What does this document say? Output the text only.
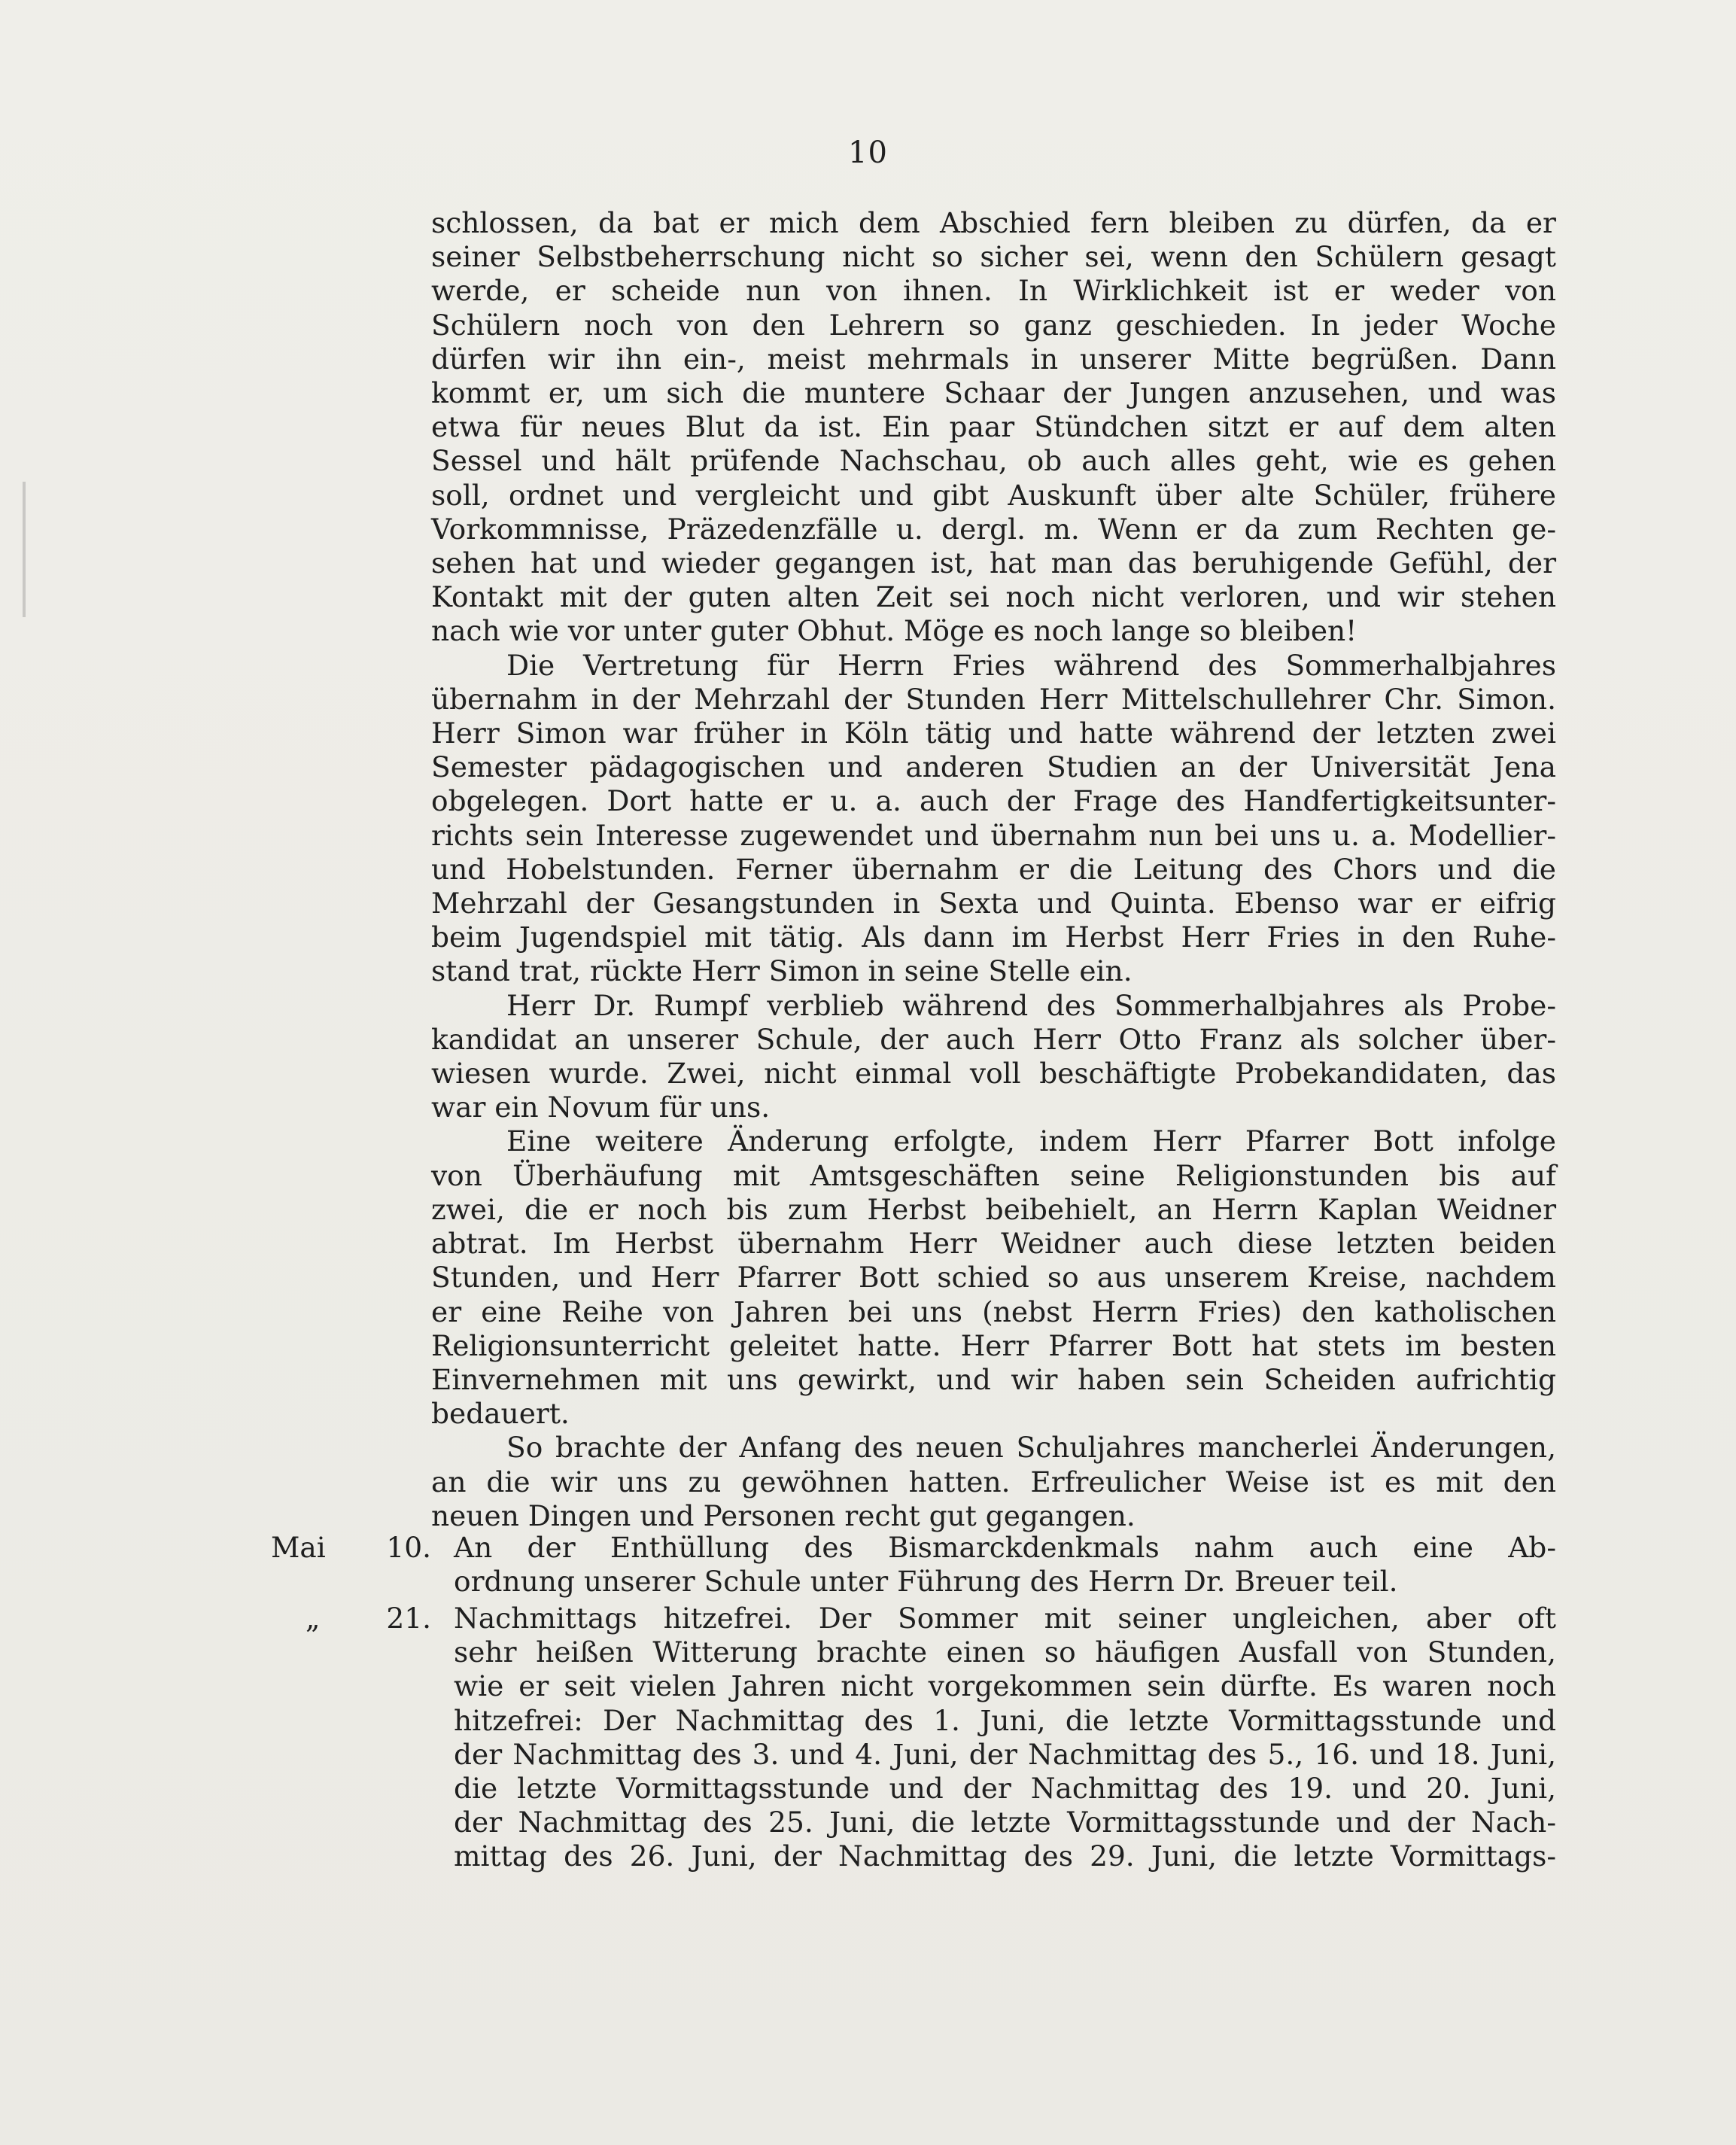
10
schlossen, da bat er mich dem Abschied fern bleiben zu dürfen, da er
seiner Selbstbeherrschung nicht so sicher sei, wenn den Schülern gesagt
werde, er scheide nun von ihnen. In Wirklichkeit ist er weder von
Schülern noch von den Lehrern so ganz geschieden. In jeder Woche
dürfen wir ihn ein-, meist mehrmals in unserer Mitte begrüßen. Dann
kommt er, um sich die muntere Schaar der Jungen anzusehen, und was
etwa für neues Blut da ist. Ein paar Stündchen sitzt er auf dem alten
Sessel und hält prüfende Nachschau, ob auch alles geht, wie es gehen
soll, ordnet und vergleicht und gibt Auskunft über alte Schüler, frühere
Vorkommnisse, Präzedenzfälle u. dergl. m. Wenn er da zum Rechten ge-
sehen hat und wieder gegangen ist, hat man das beruhigende Gefühl, der
Kontakt mit der guten alten Zeit sei noch nicht verloren, und wir stehen
nach wie vor unter guter Obhut. Möge es noch lange so bleiben!
Die Vertretung für Herrn Fries während des Sommerhalbjahres
übernahm in der Mehrzahl der Stunden Herr Mittelschullehrer Chr. Simon.
Herr Simon war früher in Köln tätig und hatte während der letzten zwei
Semester pädagogischen und anderen Studien an der Universität Jena
obgelegen. Dort hatte er u. a. auch der Frage des Handfertigkeitsunter-
richts sein Interesse zugewendet und übernahm nun bei uns u. a. Modellier-
und Hobelstunden. Ferner übernahm er die Leitung des Chors und die
Mehrzahl der Gesangstunden in Sexta und Quinta. Ebenso war er eifrig
beim Jugendspiel mit tätig. Als dann im Herbst Herr Fries in den Ruhe-
stand trat, rückte Herr Simon in seine Stelle ein.
Herr Dr. Rumpf verblieb während des Sommerhalbjahres als Probe-
kandidat an unserer Schule, der auch Herr Otto Franz als solcher über-
wiesen wurde. Zwei, nicht einmal voll beschäftigte Probekandidaten, das
war ein Novum für uns.
Eine weitere Änderung erfolgte, indem Herr Pfarrer Bott infolge
von Überhäufung mit Amtsgeschäften seine Religionstunden bis auf
zwei, die er noch bis zum Herbst beibehielt, an Herrn Kaplan Weidner
abtrat. Im Herbst übernahm Herr Weidner auch diese letzten beiden
Stunden, und Herr Pfarrer Bott schied so aus unserem Kreise, nachdem
er eine Reihe von Jahren bei uns (nebst Herrn Fries) den katholischen
Religionsunterricht geleitet hatte. Herr Pfarrer Bott hat stets im besten
Einvernehmen mit uns gewirkt, und wir haben sein Scheiden aufrichtig
bedauert.
So brachte der Anfang des neuen Schuljahres mancherlei Änderungen,
an die wir uns zu gewöhnen hatten. Erfreulicher Weise ist es mit den
neuen Dingen und Personen recht gut gegangen.
Mai	10. An der Enthüllung des Bismarckdenkmals nahm auch eine Ab-
ordnung unserer Schule unter Führung des Herrn Dr. Breuer teil.
„	21. Nachmittags hitzefrei. Der Sommer mit seiner ungleichen, aber oft
sehr heißen Witterung brachte einen so häufigen Ausfall von Stunden,
wie er seit vielen Jahren nicht vorgekommen sein dürfte. Es waren noch
hitzefrei: Der Nachmittag des 1. Juni, die letzte Vormittagsstunde und
der Nachmittag des 3. und 4. Juni, der Nachmittag des 5., 16. und 18. Juni,
die letzte Vormittagsstunde und der Nachmittag des 19. und 20. Juni,
der Nachmittag des 25. Juni, die letzte Vormittagsstunde und der Nach-
mittag des 26. Juni, der Nachmittag des 29. Juni, die letzte Vormittags-
